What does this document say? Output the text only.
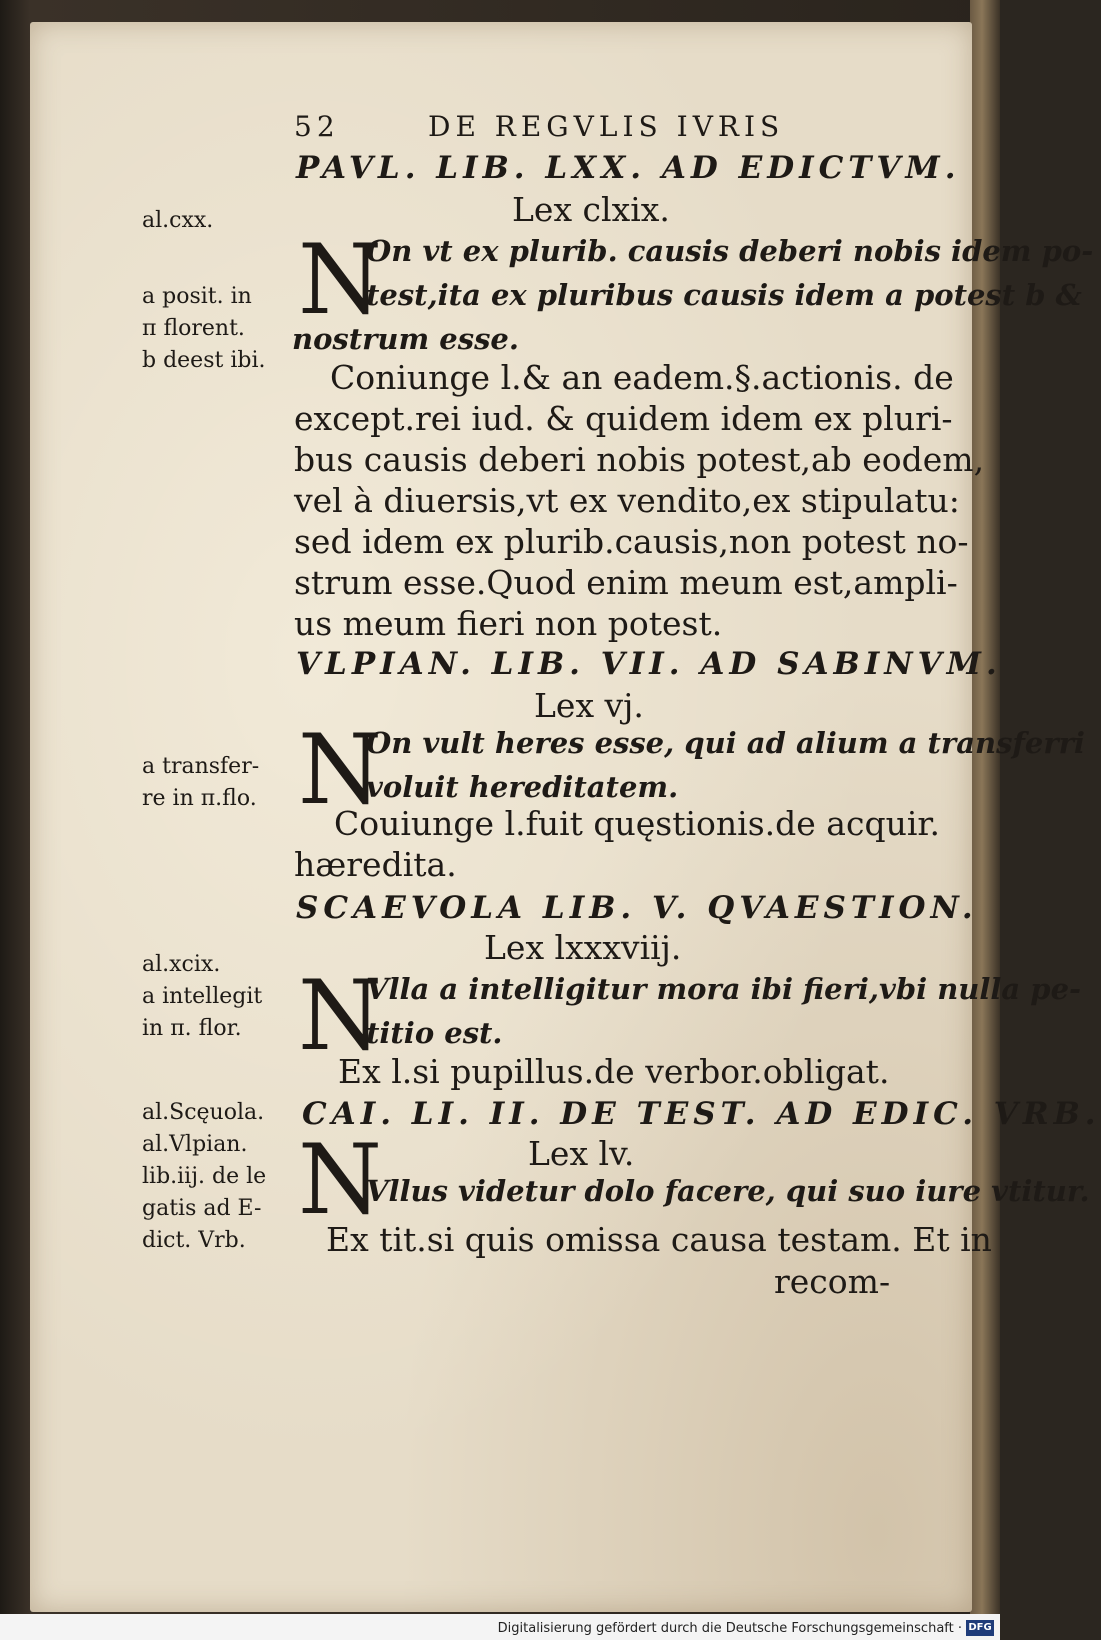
52	DE REGVLIS IVRIS
PAVL. LIB. LXX. AD EDICTVM.
Lex clxix.
al.cxx.
N
On vt ex plurib. causis deberi nobis idem po-
test,ita ex pluribus causis idem a potest b &
nostrum esse.
a posit. in
π florent.
b deest ibi. Coniunge l.& an eadem.§.actionis. de
except.rei iud. & quidem idem ex pluri-
bus causis deberi nobis potest,ab eodem,
vel à diuersis,vt ex vendito,ex stipulatu:
sed idem ex plurib.causis,non potest no-
strum esse.Quod enim meum est,ampli-
us meum fieri non potest.
VLPIAN. LIB. VII. AD SABINVM.
Lex vj.
N
On vult heres esse, qui ad alium a transferri
voluit hereditatem.
a transfer-
re in π.flo.
Couiunge l.fuit quęstionis.de acquir.
hæredita.
SCAEVOLA LIB. V. QVAESTION.
Lex lxxxviij.
al.xcix.
a intellegit
in π. flor. N
Vlla a intelligitur mora ibi fieri,vbi nulla pe-
titio est.
Ex l.si pupillus.de verbor.obligat.
al.Scęuola. CAI. LI. II. DE TEST. AD EDIC. VRB.
Lex lv.
al.Vlpian.
lib.iij. de le
gatis ad E-
dict. Vrb.
N
Vllus videtur dolo facere, qui suo iure vtitur.
Ex tit.si quis omissa causa testam. Et in
recom-
Digitalisierung gefördert durch die Deutsche Forschungsgemeinschaft · DFG
